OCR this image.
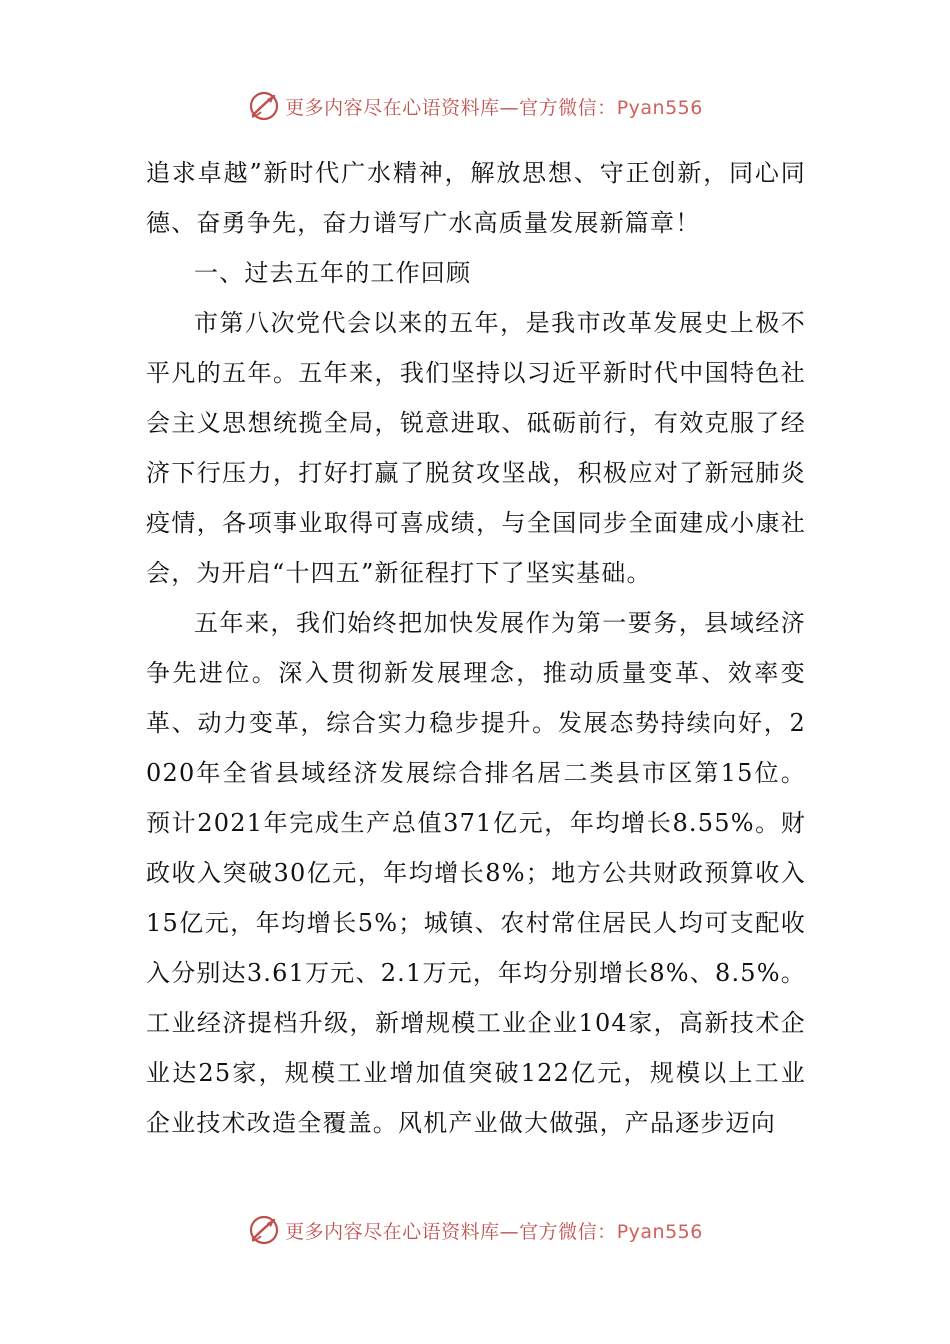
更多内容尽在心语资料库—官方微信：Pyan556

追求卓越”新时代广水精神，解放思想、守正创新，同心同德、奋勇争先，奋力谱写广水高质量发展新篇章！

一、过去五年的工作回顾

市第八次党代会以来的五年，是我市改革发展史上极不平凡的五年。五年来，我们坚持以习近平新时代中国特色社会主义思想统揽全局，锐意进取、砥砺前行，有效克服了经济下行压力，打好打赢了脱贫攻坚战，积极应对了新冠肺炎疫情，各项事业取得可喜成绩，与全国同步全面建成小康社会，为开启“十四五”新征程打下了坚实基础。

五年来，我们始终把加快发展作为第一要务，县域经济争先进位。深入贯彻新发展理念，推动质量变革、效率变革、动力变革，综合实力稳步提升。发展态势持续向好，2020年全省县域经济发展综合排名居二类县市区第15位。预计2021年完成生产总值371亿元，年均增长8.55%。财政收入突破30亿元，年均增长8%；地方公共财政预算收入15亿元，年均增长5%；城镇、农村常住居民人均可支配收入分别达3.61万元、2.1万元，年均分别增长8%、8.5%。工业经济提档升级，新增规模工业企业104家，高新技术企业达25家，规模工业增加值突破122亿元，规模以上工业企业技术改造全覆盖。风机产业做大做强，产品逐步迈向

更多内容尽在心语资料库—官方微信：Pyan556
